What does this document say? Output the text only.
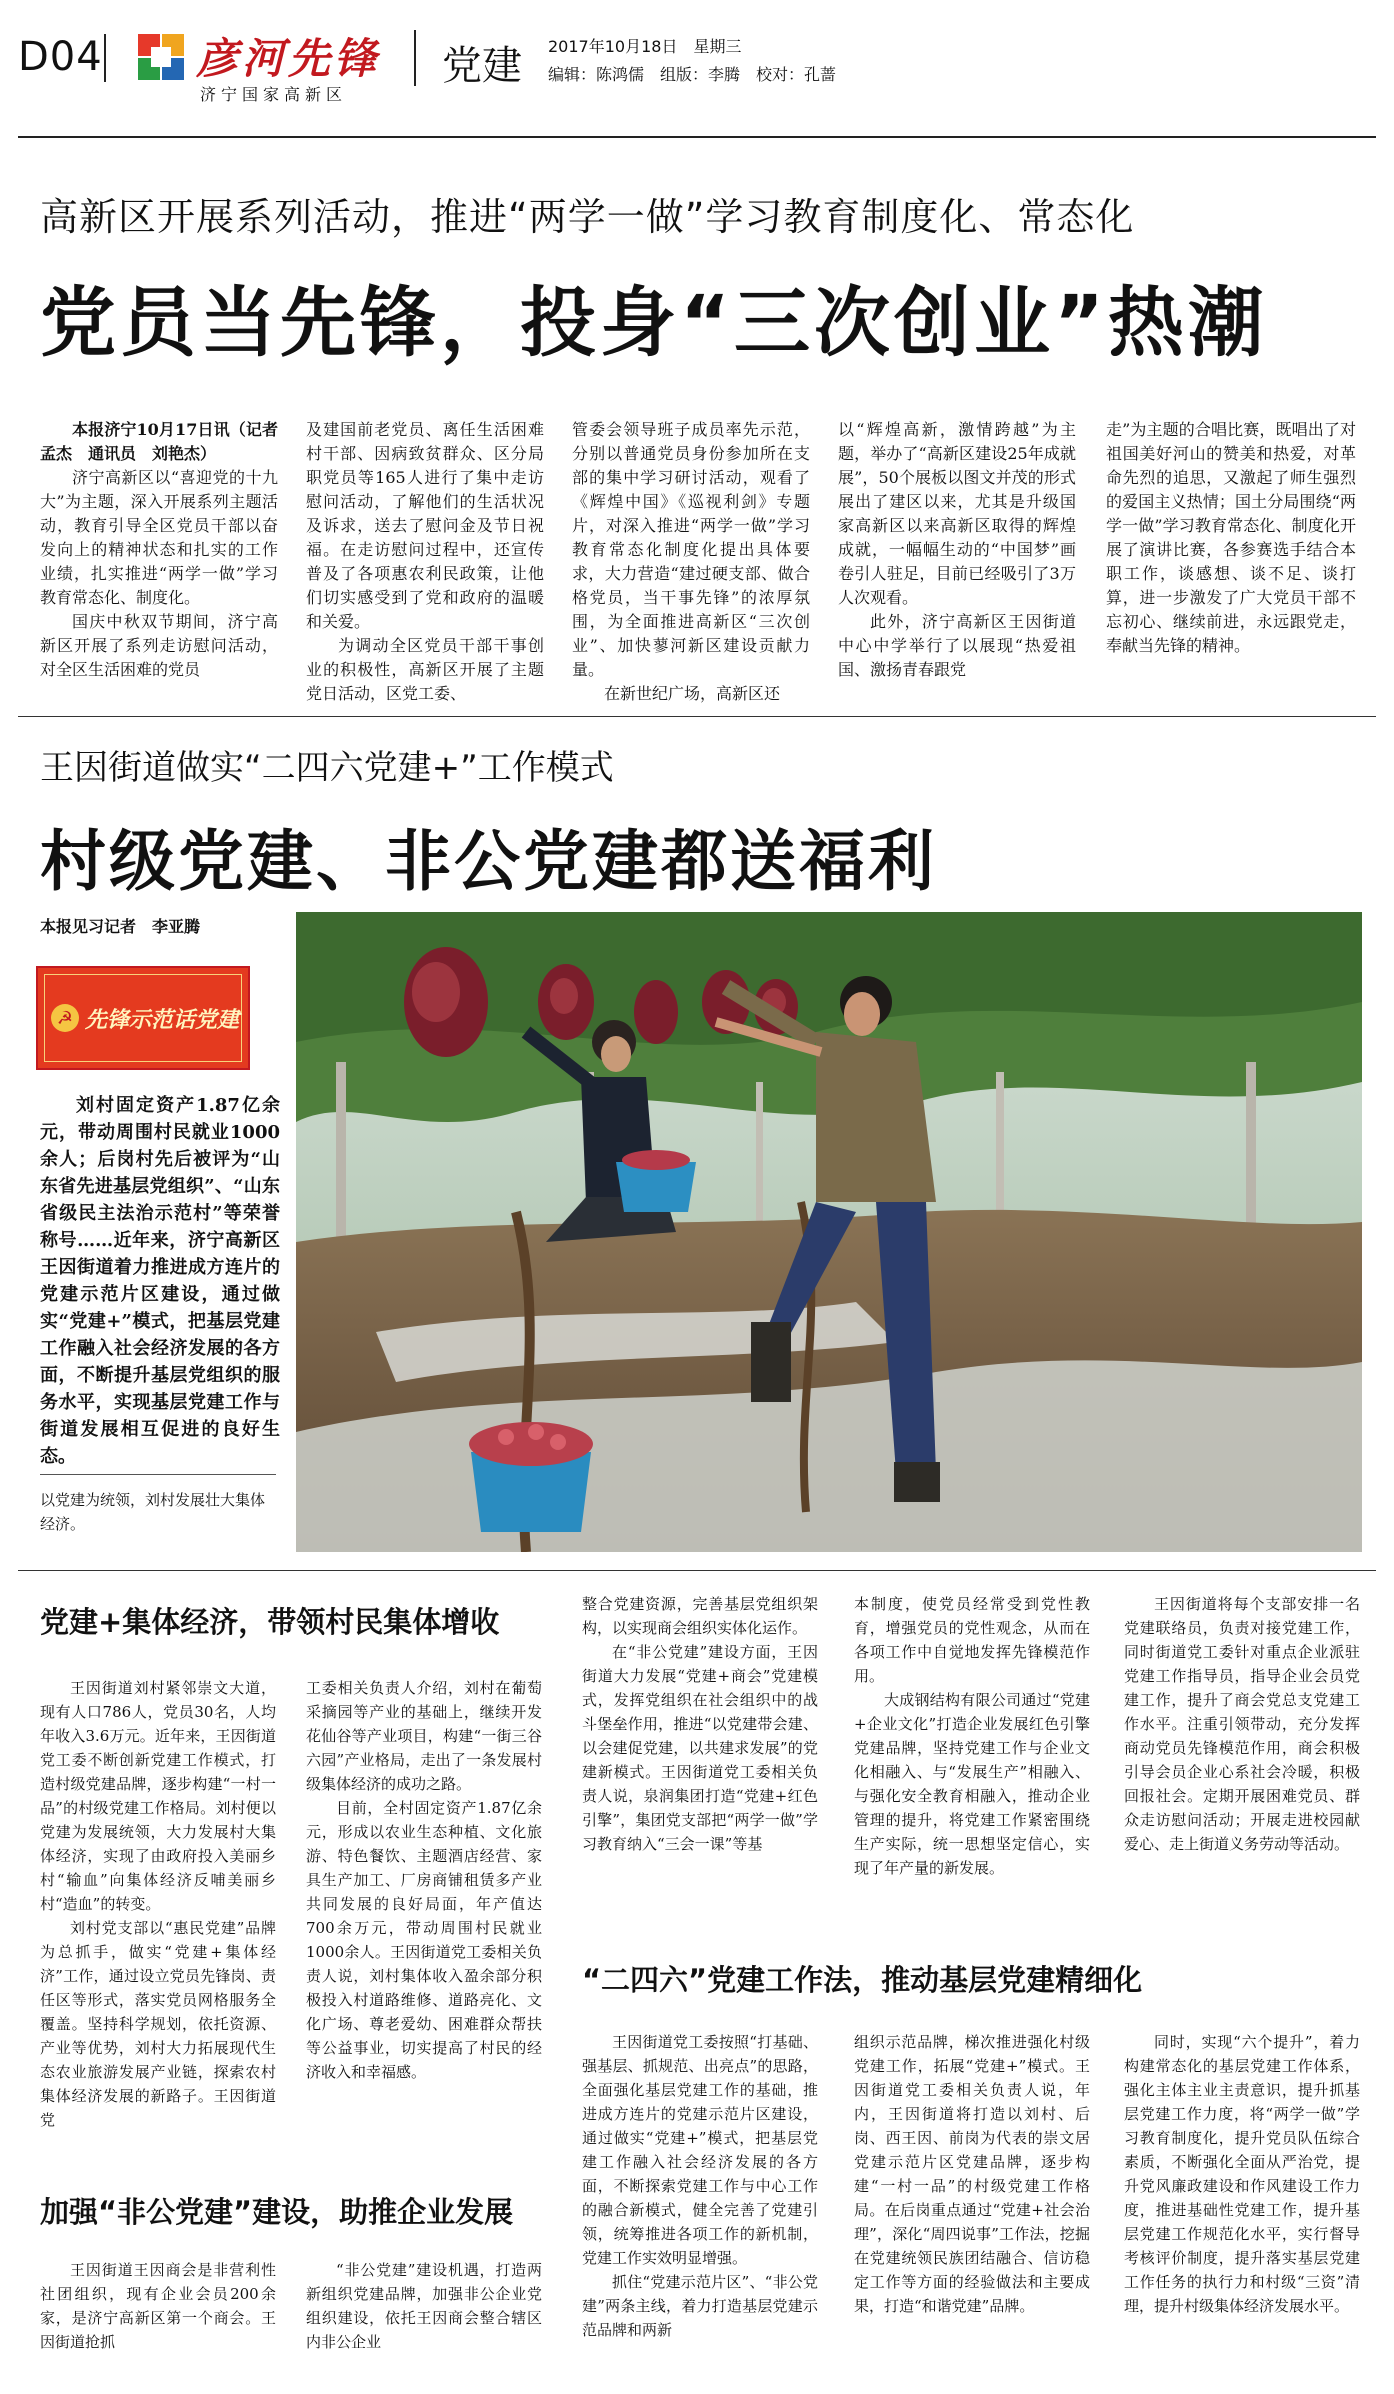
D04 彦河先锋
济宁国家高新区
党建 2017年10月18日　星期三
编辑：陈鸿儒　组版：李腾　校对：孔蔷
高新区开展系列活动，推进“两学一做”学习教育制度化、常态化
党员当先锋，投身“三次创业”热潮

本报济宁10月17日讯（记者　孟杰　通讯员　刘艳杰）

济宁高新区以“喜迎党的十九大”为主题，深入开展系列主题活动，教育引导全区党员干部以奋发向上的精神状态和扎实的工作业绩，扎实推进“两学一做”学习教育常态化、制度化。

国庆中秋双节期间，济宁高新区开展了系列走访慰问活动，对全区生活困难的党员

及建国前老党员、离任生活困难村干部、因病致贫群众、区分局职党员等165人进行了集中走访慰问活动，了解他们的生活状况及诉求，送去了慰问金及节日祝福。在走访慰问过程中，还宣传普及了各项惠农利民政策，让他们切实感受到了党和政府的温暖和关爱。

为调动全区党员干部干事创业的积极性，高新区开展了主题党日活动，区党工委、

管委会领导班子成员率先示范，分别以普通党员身份参加所在支部的集中学习研讨活动，观看了《辉煌中国》《巡视利剑》专题片，对深入推进“两学一做”学习教育常态化制度化提出具体要求，大力营造“建过硬支部、做合格党员，当干事先锋”的浓厚氛围，为全面推进高新区“三次创业”、加快蓼河新区建设贡献力量。

在新世纪广场，高新区还

以“辉煌高新，激情跨越”为主题，举办了“高新区建设25年成就展”，50个展板以图文并茂的形式展出了建区以来，尤其是升级国家高新区以来高新区取得的辉煌成就，一幅幅生动的“中国梦”画卷引人驻足，目前已经吸引了3万人次观看。

此外，济宁高新区王因街道中心中学举行了以展现“热爱祖国、激扬青春跟党

走”为主题的合唱比赛，既唱出了对祖国美好河山的赞美和热爱，对革命先烈的追思，又激起了师生强烈的爱国主义热情；国土分局围绕“两学一做”学习教育常态化、制度化开展了演讲比赛，各参赛选手结合本职工作，谈感想、谈不足、谈打算，进一步激发了广大党员干部不忘初心、继续前进，永远跟党走，奉献当先锋的精神。

王因街道做实“二四六党建+”工作模式
村级党建、非公党建都送福利
本报见习记者　李亚腾
☭ 先锋示范话党建

刘村固定资产1.87亿余元，带动周围村民就业1000余人；后岗村先后被评为“山东省先进基层党组织”、“山东省级民主法治示范村”等荣誉称号……近年来，济宁高新区王因街道着力推进成方连片的党建示范片区建设，通过做实“党建+”模式，把基层党建工作融入社会经济发展的各方面，不断提升基层党组织的服务水平，实现基层党建工作与街道发展相互促进的良好生态。

以党建为统领，刘村发展壮大集体经济。
党建+集体经济，带领村民集体增收

王因街道刘村紧邻崇文大道，现有人口786人，党员30名，人均年收入3.6万元。近年来，王因街道党工委不断创新党建工作模式，打造村级党建品牌，逐步构建“一村一品”的村级党建工作格局。刘村便以党建为发展统领，大力发展村大集体经济，实现了由政府投入美丽乡村“输血”向集体经济反哺美丽乡村“造血”的转变。

刘村党支部以“惠民党建”品牌为总抓手，做实“党建+集体经济”工作，通过设立党员先锋岗、责任区等形式，落实党员网格服务全覆盖。坚持科学规划，依托资源、产业等优势，刘村大力拓展现代生态农业旅游发展产业链，探索农村集体经济发展的新路子。王因街道党

工委相关负责人介绍，刘村在葡萄采摘园等产业的基础上，继续开发花仙谷等产业项目，构建“一街三谷六园”产业格局，走出了一条发展村级集体经济的成功之路。

目前，全村固定资产1.87亿余元，形成以农业生态种植、文化旅游、特色餐饮、主题酒店经营、家具生产加工、厂房商铺租赁多产业共同发展的良好局面，年产值达700余万元，带动周围村民就业1000余人。王因街道党工委相关负责人说，刘村集体收入盈余部分积极投入村道路维修、道路亮化、文化广场、尊老爱幼、困难群众帮扶等公益事业，切实提高了村民的经济收入和幸福感。

加强“非公党建”建设，助推企业发展

王因街道王因商会是非营利性社团组织，现有企业会员200余家，是济宁高新区第一个商会。王因街道抢抓

“非公党建”建设机遇，打造两新组织党建品牌，加强非公企业党组织建设，依托王因商会整合辖区内非公企业

整合党建资源，完善基层党组织架构，以实现商会组织实体化运作。

在“非公党建”建设方面，王因街道大力发展“党建+商会”党建模式，发挥党组织在社会组织中的战斗堡垒作用，推进“以党建带会建、以会建促党建，以共建求发展”的党建新模式。王因街道党工委相关负责人说，泉润集团打造“党建+红色引擎”，集团党支部把“两学一做”学习教育纳入“三会一课”等基

本制度，使党员经常受到党性教育，增强党员的党性观念，从而在各项工作中自觉地发挥先锋模范作用。

大成钢结构有限公司通过“党建+企业文化”打造企业发展红色引擎党建品牌，坚持党建工作与企业文化相融入、与“发展生产”相融入、与强化安全教育相融入，推动企业管理的提升，将党建工作紧密围绕生产实际，统一思想坚定信心，实现了年产量的新发展。

王因街道将每个支部安排一名党建联络员，负责对接党建工作，同时街道党工委针对重点企业派驻党建工作指导员，指导企业会员党建工作，提升了商会党总支党建工作水平。注重引领带动，充分发挥商动党员先锋模范作用，商会积极引导会员企业心系社会冷暖，积极回报社会。定期开展困难党员、群众走访慰问活动；开展走进校园献爱心、走上街道义务劳动等活动。

“二四六”党建工作法，推动基层党建精细化

王因街道党工委按照“打基础、强基层、抓规范、出亮点”的思路，全面强化基层党建工作的基础，推进成方连片的党建示范片区建设，通过做实“党建+”模式，把基层党建工作融入社会经济发展的各方面，不断探索党建工作与中心工作的融合新模式，健全完善了党建引领，统筹推进各项工作的新机制，党建工作实效明显增强。

抓住“党建示范片区”、“非公党建”两条主线，着力打造基层党建示范品牌和两新

组织示范品牌，梯次推进强化村级党建工作，拓展“党建+”模式。王因街道党工委相关负责人说，年内，王因街道将打造以刘村、后岗、西王因、前岗为代表的崇文居党建示范片区党建品牌，逐步构建“一村一品”的村级党建工作格局。在后岗重点通过“党建+社会治理”，深化“周四说事”工作法，挖掘在党建统领民族团结融合、信访稳定工作等方面的经验做法和主要成果，打造“和谐党建”品牌。

同时，实现“六个提升”，着力构建常态化的基层党建工作体系，强化主体主业主责意识，提升抓基层党建工作力度，将“两学一做”学习教育制度化，提升党员队伍综合素质，不断强化全面从严治党，提升党风廉政建设和作风建设工作力度，推进基础性党建工作，提升基层党建工作规范化水平，实行督导考核评价制度，提升落实基层党建工作任务的执行力和村级“三资”清理，提升村级集体经济发展水平。
